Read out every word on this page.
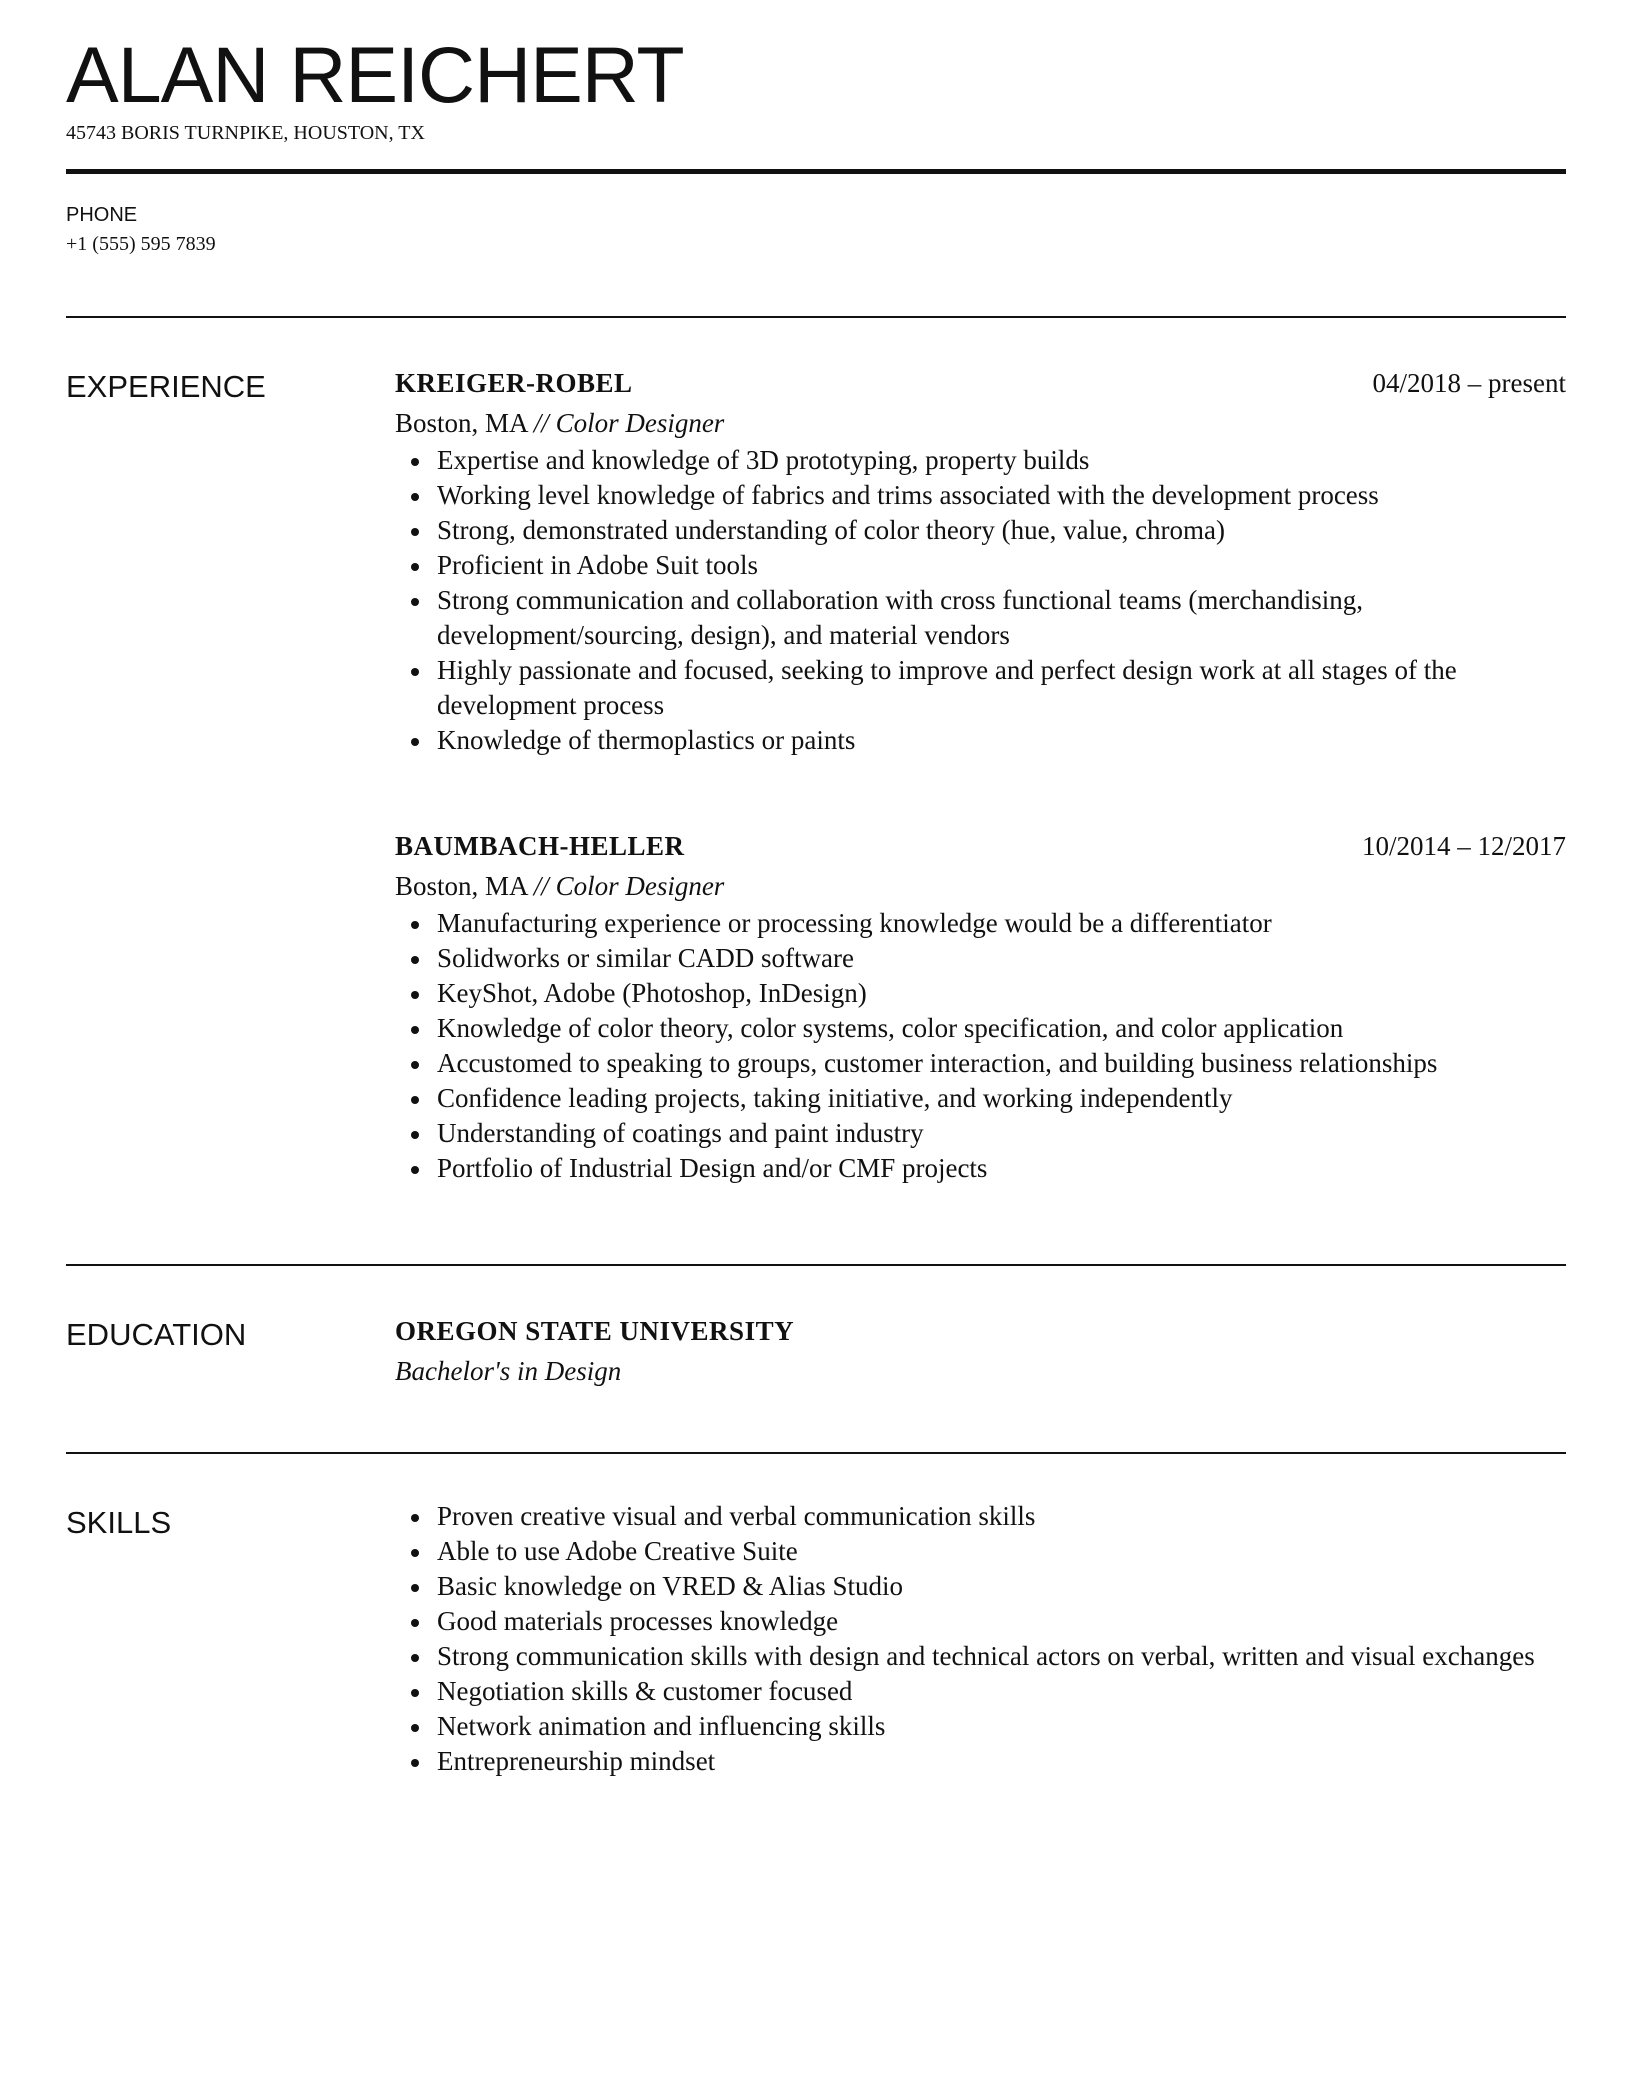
ALAN REICHERT
45743 BORIS TURNPIKE, HOUSTON, TX
PHONE
+1 (555) 595 7839
EXPERIENCE	KREIGER-ROBEL	04/2018 – present
Boston, MA // Color Designer
Expertise and knowledge of 3D prototyping, property builds
Working level knowledge of fabrics and trims associated with the development process
Strong, demonstrated understanding of color theory (hue, value, chroma)
Proficient in Adobe Suit tools
Strong communication and collaboration with cross functional teams (merchandising, development/sourcing, design), and material vendors
Highly passionate and focused, seeking to improve and perfect design work at all stages of the development process
Knowledge of thermoplastics or paints
BAUMBACH-HELLER	10/2014 – 12/2017
Boston, MA // Color Designer
Manufacturing experience or processing knowledge would be a differentiator
Solidworks or similar CADD software
KeyShot, Adobe (Photoshop, InDesign)
Knowledge of color theory, color systems, color specification, and color application
Accustomed to speaking to groups, customer interaction, and building business relationships
Confidence leading projects, taking initiative, and working independently
Understanding of coatings and paint industry
Portfolio of Industrial Design and/or CMF projects
EDUCATION	OREGON STATE UNIVERSITY
Bachelor's in Design
SKILLS	Proven creative visual and verbal communication skills
Able to use Adobe Creative Suite
Basic knowledge on VRED & Alias Studio
Good materials processes knowledge
Strong communication skills with design and technical actors on verbal, written and visual exchanges
Negotiation skills & customer focused
Network animation and influencing skills
Entrepreneurship mindset
